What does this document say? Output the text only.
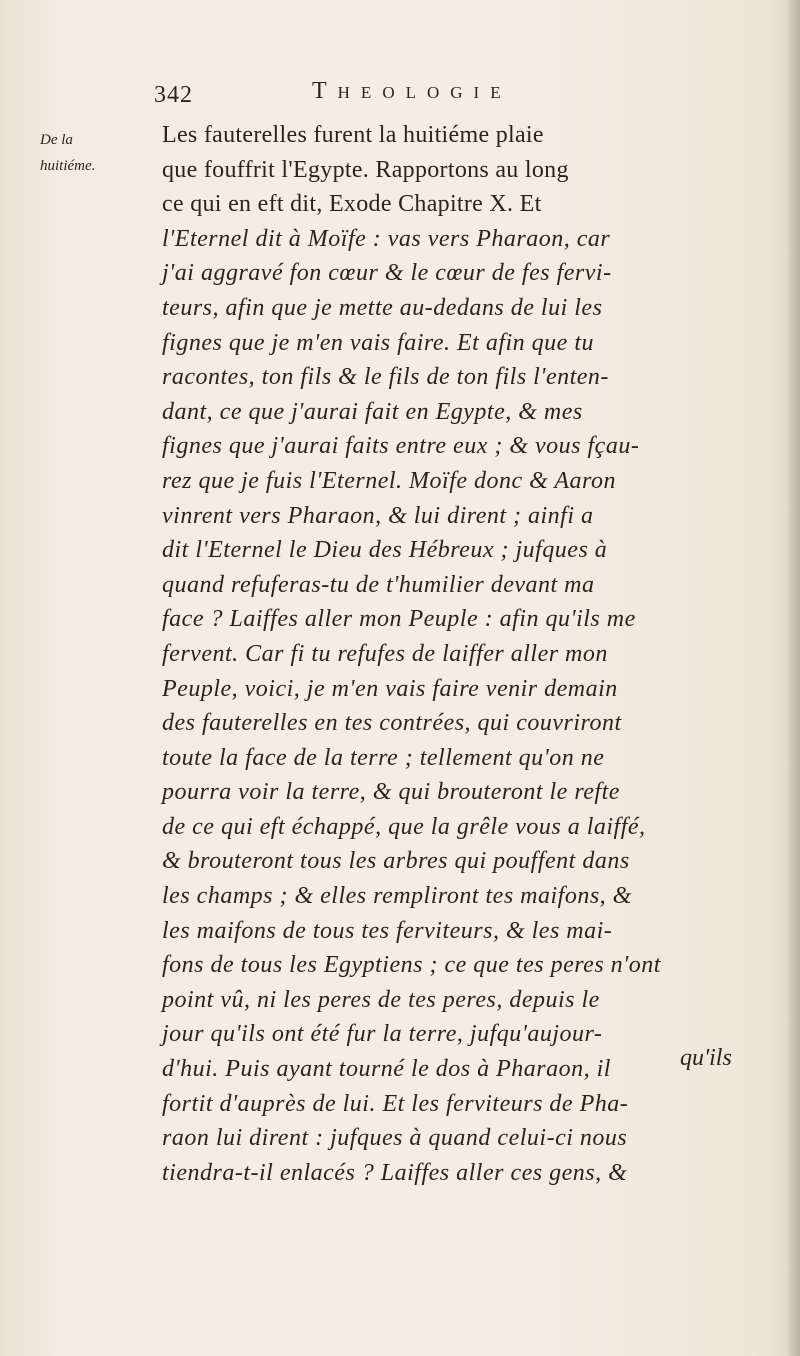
342	Theologie
De la
huitiéme.
Les fauterelles furent la huitiéme plaie
que fouffrit l'Egypte. Rapportons au long
ce qui en eft dit, Exode Chapitre X. Et
l'Eternel dit à Moïfe : vas vers Pharaon, car
j'ai aggravé fon cœur & le cœur de fes fervi-
teurs, afin que je mette au-dedans de lui les
fignes que je m'en vais faire. Et afin que tu
racontes, ton fils & le fils de ton fils l'enten-
dant, ce que j'aurai fait en Egypte, & mes
fignes que j'aurai faits entre eux ; & vous fçau-
rez que je fuis l'Eternel. Moïfe donc & Aaron
vinrent vers Pharaon, & lui dirent ; ainfi a
dit l'Eternel le Dieu des Hébreux ; jufques à
quand refuferas-tu de t'humilier devant ma
face ? Laiffes aller mon Peuple : afin qu'ils me
fervent. Car fi tu refufes de laiffer aller mon
Peuple, voici, je m'en vais faire venir demain
des fauterelles en tes contrées, qui couvriront
toute la face de la terre ; tellement qu'on ne
pourra voir la terre, & qui brouteront le refte
de ce qui eft échappé, que la grêle vous a laiffé,
& brouteront tous les arbres qui pouffent dans
les champs ; & elles rempliront tes maifons, &
les maifons de tous tes ferviteurs, & les mai-
fons de tous les Egyptiens ; ce que tes peres n'ont
point vû, ni les peres de tes peres, depuis le
jour qu'ils ont été fur la terre, jufqu'aujour-
d'hui. Puis ayant tourné le dos à Pharaon, il
fortit d'auprès de lui. Et les ferviteurs de Pha-
raon lui dirent : jufques à quand celui-ci nous
tiendra-t-il enlacés ? Laiffes aller ces gens, &
qu'ils
